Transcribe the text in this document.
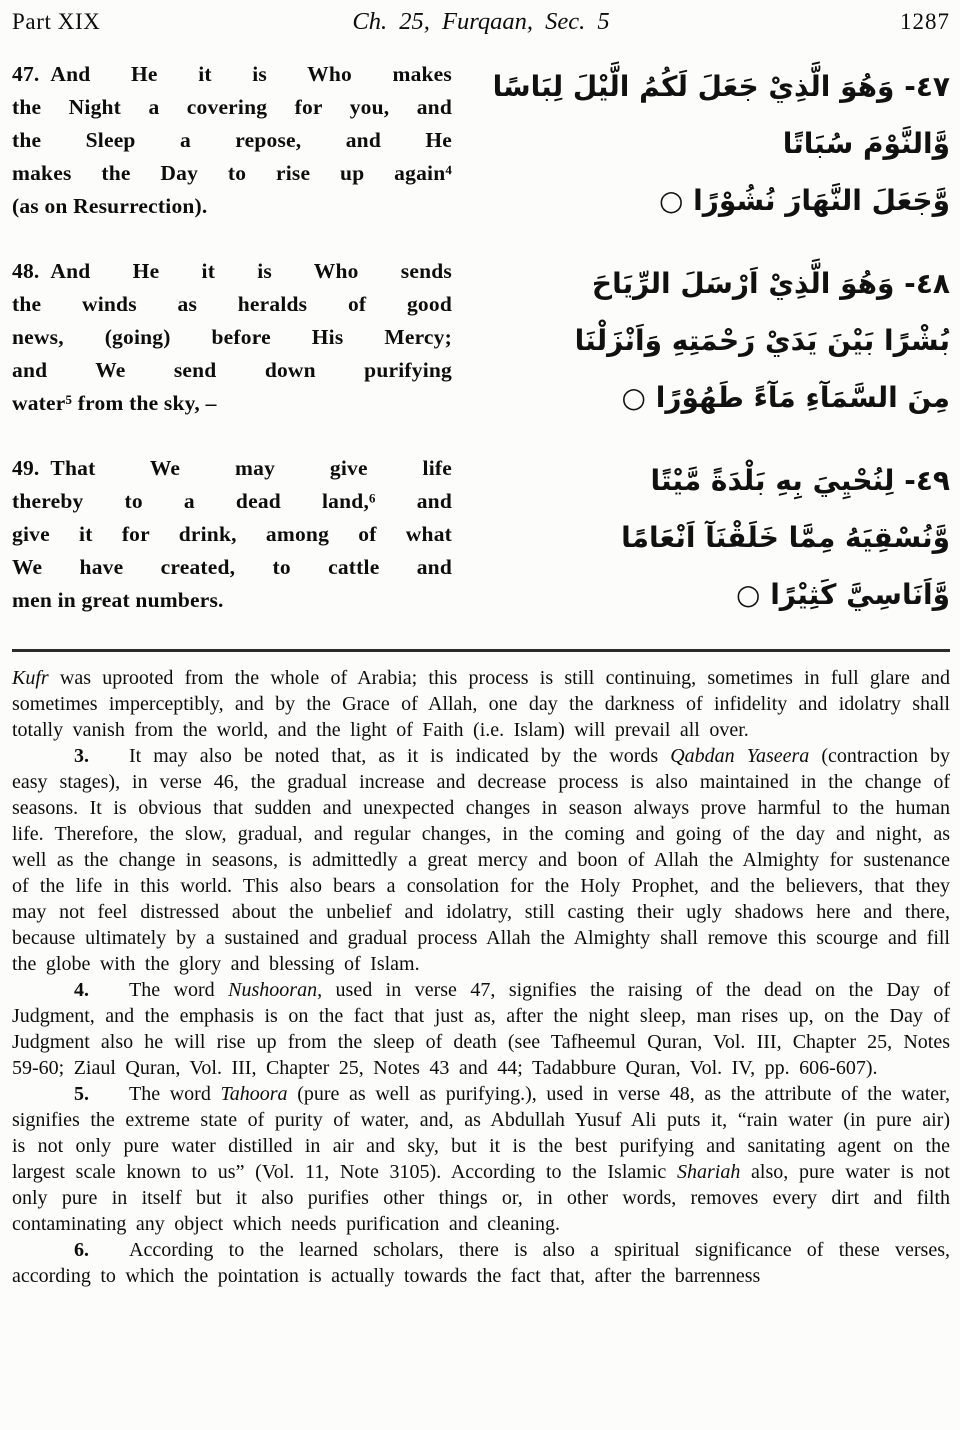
Part XIX	Ch. 25, Furqaan, Sec. 5	1287
47. And He it is Who makes
the Night a covering for you, and
the Sleep a repose, and He
makes the Day to rise up again⁴
(as on Resurrection).
٤٧- وَهُوَ الَّذِيْ جَعَلَ لَكُمُ الَّيْلَ لِبَاسًا
وَّالنَّوْمَ سُبَاتًا
وَّجَعَلَ النَّهَارَ نُشُوْرًا ○
48. And He it is Who sends
the winds as heralds of good
news, (going) before His Mercy;
and We send down purifying
water⁵ from the sky, –
٤٨- وَهُوَ الَّذِيْ اَرْسَلَ الرِّيَاحَ
بُشْرًا بَيْنَ يَدَيْ رَحْمَتِهِ وَاَنْزَلْنَا
مِنَ السَّمَآءِ مَآءً طَهُوْرًا ○
49. That We may give life
thereby to a dead land,⁶ and
give it for drink, among of what
We have created, to cattle and
men in great numbers.
٤٩- لِنُحْيِيَ بِهِ بَلْدَةً مَّيْتًا
وَّنُسْقِيَهُ مِمَّا خَلَقْنَآ اَنْعَامًا
وَّاَنَاسِيَّ كَثِيْرًا ○

Kufr was uprooted from the whole of Arabia; this process is still continuing, sometimes in full glare and sometimes imperceptibly, and by the Grace of Allah, one day the darkness of infidelity and idolatry shall totally vanish from the world, and the light of Faith (i.e. Islam) will prevail all over.

3.  It may also be noted that, as it is indicated by the words Qabdan Yaseera (contraction by easy stages), in verse 46, the gradual increase and decrease process is also maintained in the change of seasons. It is obvious that sudden and unexpected changes in season always prove harmful to the human life. Therefore, the slow, gradual, and regular changes, in the coming and going of the day and night, as well as the change in seasons, is admittedly a great mercy and boon of Allah the Almighty for sustenance of the life in this world. This also bears a consolation for the Holy Prophet, and the believers, that they may not feel distressed about the unbelief and idolatry, still casting their ugly shadows here and there, because ultimately by a sustained and gradual process Allah the Almighty shall remove this scourge and fill the globe with the glory and blessing of Islam.

4.  The word Nushooran, used in verse 47, signifies the raising of the dead on the Day of Judgment, and the emphasis is on the fact that just as, after the night sleep, man rises up, on the Day of Judgment also he will rise up from the sleep of death (see Tafheemul Quran, Vol. III, Chapter 25, Notes 59-60; Ziaul Quran, Vol. III, Chapter 25, Notes 43 and 44; Tadabbure Quran, Vol. IV, pp. 606-607).

5.  The word Tahoora (pure as well as purifying.), used in verse 48, as the attribute of the water, signifies the extreme state of purity of water, and, as Abdullah Yusuf Ali puts it, “rain water (in pure air) is not only pure water distilled in air and sky, but it is the best purifying and sanitating agent on the largest scale known to us” (Vol. 11, Note 3105). According to the Islamic Shariah also, pure water is not only pure in itself but it also purifies other things or, in other words, removes every dirt and filth contaminating any object which needs purification and cleaning.

6.  According to the learned scholars, there is also a spiritual significance of these verses, according to which the pointation is actually towards the fact that, after the barrenness
